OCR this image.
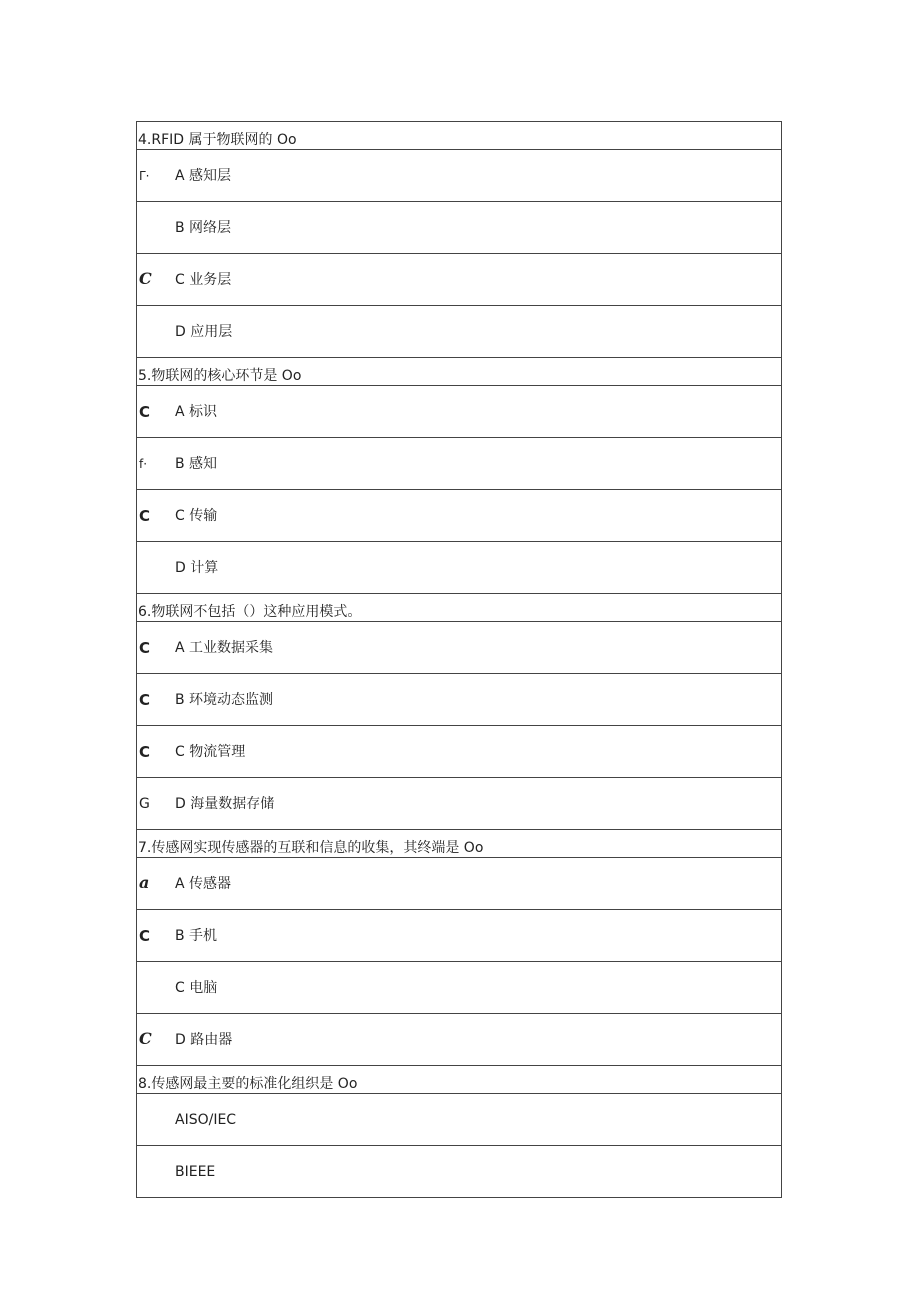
4.RFID 属于物联网的 Oo
Γ· A 感知层
B 网络层
C C 业务层
D 应用层
5.物联网的核心环节是 Oo
C A 标识
f· B 感知
C C 传输
D 计算
6.物联网不包括（）这种应用模式。
C A 工业数据采集
C B 环境动态监测
C C 物流管理
G D 海量数据存储
7.传感网实现传感器的互联和信息的收集，其终端是 Oo
a A 传感器
C B 手机
C 电脑
C D 路由器
8.传感网最主要的标准化组织是 Oo
AISO/IEC
BIEEE
